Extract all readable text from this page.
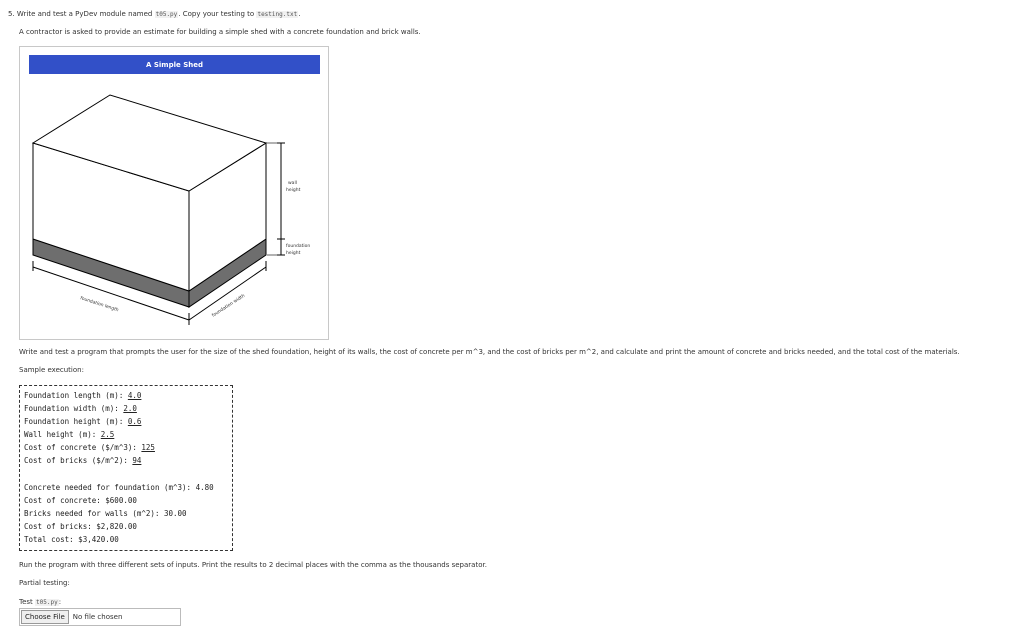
5. Write and test a PyDev module named t05.py. Copy your testing to testing.txt.
A contractor is asked to provide an estimate for building a simple shed with a concrete foundation and brick walls.
A Simple Shed
wall
height
foundation
height
foundation length	foundation width
Write and test a program that prompts the user for the size of the shed foundation, height of its walls, the cost of concrete per m^3, and the cost of bricks per m^2, and calculate and print the amount of concrete and bricks needed, and the total cost of the materials.
Sample execution:
Foundation length (m): 4.0
Foundation width (m): 2.0
Foundation height (m): 0.6
Wall height (m): 2.5
Cost of concrete ($/m^3): 125
Cost of bricks ($/m^2): 94
Concrete needed for foundation (m^3): 4.80
Cost of concrete: $600.00
Bricks needed for walls (m^2): 30.00
Cost of bricks: $2,820.00
Total cost: $3,420.00
Run the program with three different sets of inputs. Print the results to 2 decimal places with the comma as the thousands separator.
Partial testing:
Test t05.py:
Choose File	No file chosen
